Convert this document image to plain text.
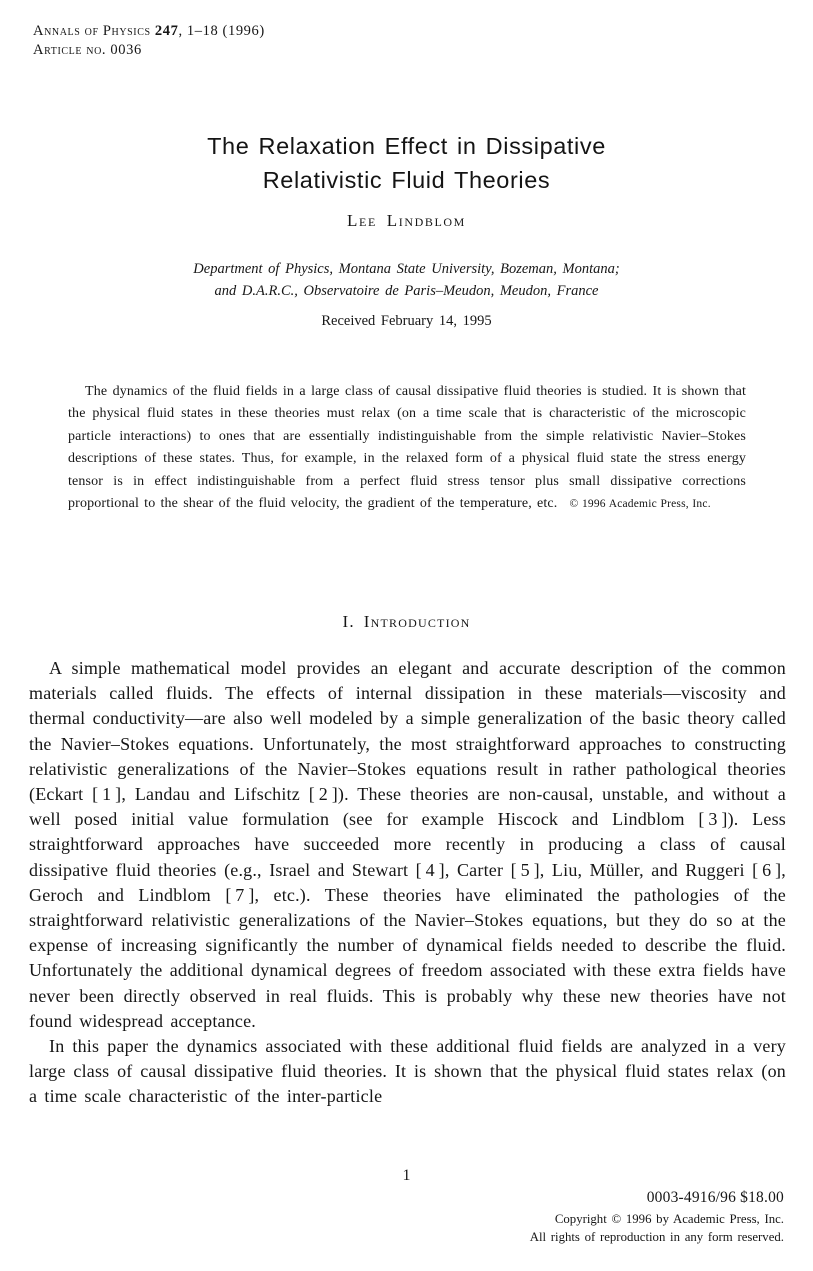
Annals of Physics 247, 1–18 (1996)
Article no. 0036
The Relaxation Effect in Dissipative
Relativistic Fluid Theories
Lee Lindblom
Department of Physics, Montana State University, Bozeman, Montana;
and D.A.R.C., Observatoire de Paris–Meudon, Meudon, France
Received February 14, 1995
The dynamics of the fluid fields in a large class of causal dissipative fluid theories is studied. It is shown that the physical fluid states in these theories must relax (on a time scale that is characteristic of the microscopic particle interactions) to ones that are essentially indistinguishable from the simple relativistic Navier–Stokes descriptions of these states. Thus, for example, in the relaxed form of a physical fluid state the stress energy tensor is in effect indistinguishable from a perfect fluid stress tensor plus small dissipative corrections proportional to the shear of the fluid velocity, the gradient of the temperature, etc. © 1996 Academic Press, Inc.
I. Introduction

A simple mathematical model provides an elegant and accurate description of the common materials called fluids. The effects of internal dissipation in these materials—viscosity and thermal conductivity—are also well modeled by a simple generalization of the basic theory called the Navier–Stokes equations. Unfortunately, the most straightforward approaches to constructing relativistic generalizations of the Navier–Stokes equations result in rather pathological theories (Eckart [ 1 ], Landau and Lifschitz [ 2 ]). These theories are non-causal, unstable, and without a well posed initial value formulation (see for example Hiscock and Lindblom [ 3 ]). Less straightforward approaches have succeeded more recently in producing a class of causal dissipative fluid theories (e.g., Israel and Stewart [ 4 ], Carter [ 5 ], Liu, Müller, and Ruggeri [ 6 ], Geroch and Lindblom [ 7 ], etc.). These theories have eliminated the pathologies of the straightforward relativistic generalizations of the Navier–Stokes equations, but they do so at the expense of increasing significantly the number of dynamical fields needed to describe the fluid. Unfortunately the additional dynamical degrees of freedom associated with these extra fields have never been directly observed in real fluids. This is probably why these new theories have not found widespread acceptance.

In this paper the dynamics associated with these additional fluid fields are analyzed in a very large class of causal dissipative fluid theories. It is shown that the physical fluid states relax (on a time scale characteristic of the inter-particle

1
0003-4916/96 $18.00
Copyright © 1996 by Academic Press, Inc.
All rights of reproduction in any form reserved.
